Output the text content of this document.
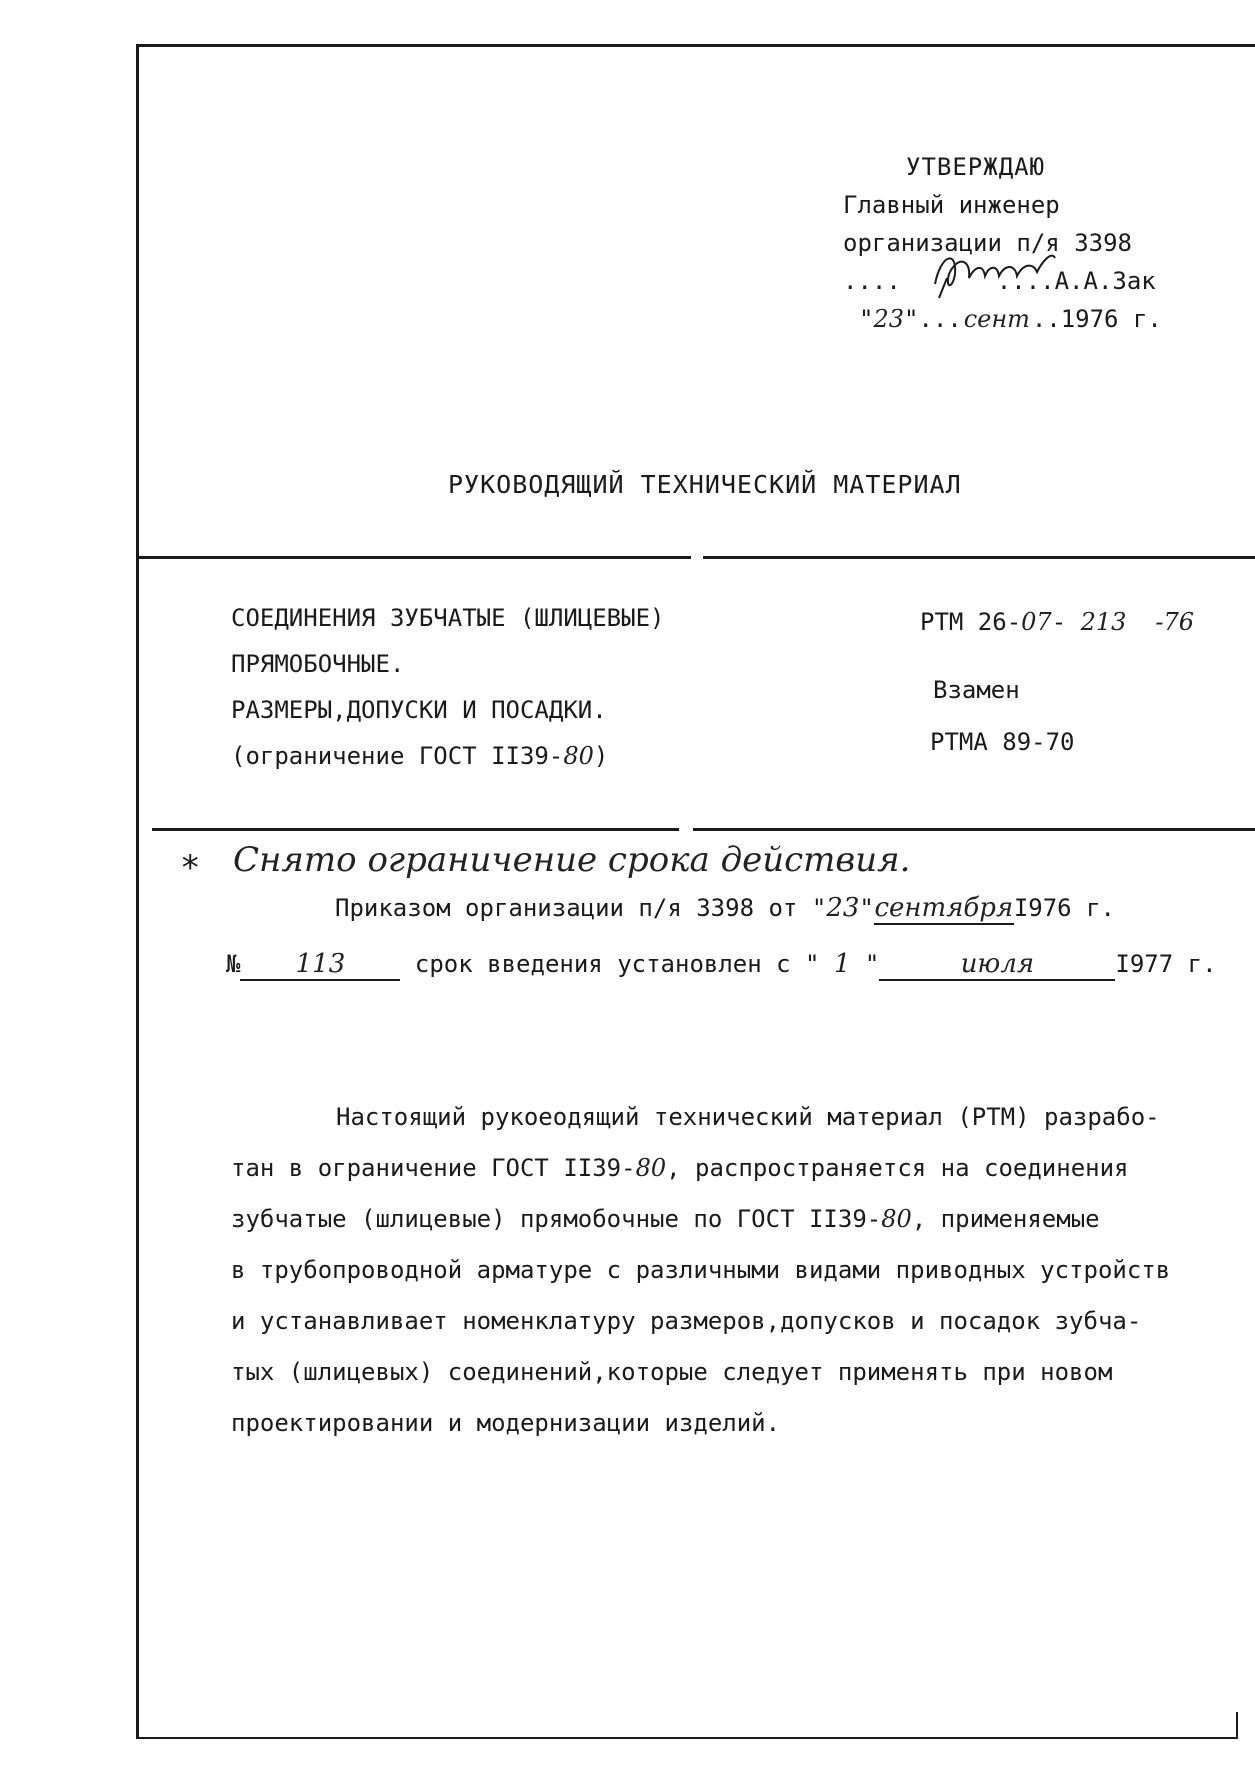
УТВЕРЖДАЮ
Главный инженер
организации п/я 3398
....	....А.А.Зак
"23"...сент..1976 г.
РУКОВОДЯЩИЙ ТЕХНИЧЕСКИЙ МАТЕРИАЛ
СОЕДИНЕНИЯ ЗУБЧАТЫЕ (ШЛИЦЕВЫЕ)
ПРЯМОБОЧНЫЕ.
РАЗМЕРЫ,ДОПУСКИ И ПОСАДКИ.
(ограничение ГОСТ II39-80)
РТМ 26-07- 213 -76
Взамен
РТМА 89-70
* Снято ограничение срока действия.
Приказом организации п/я 3398 от "23"сентябряI976 г.
№ 113 срок введения установлен с " 1 "	июля	I977 г.
Настоящий рукоеодящий технический материал (РТМ) разрабо-
тан в ограничение ГОСТ II39-80, распространяется на соединения
зубчатые (шлицевые) прямобочные по ГОСТ II39-80, применяемые
в трубопроводной арматуре с различными видами приводных устройств
и устанавливает номенклатуру размеров,допусков и посадок зубча-
тых (шлицевых) соединений,которые следует применять при новом
проектировании и модернизации изделий.
